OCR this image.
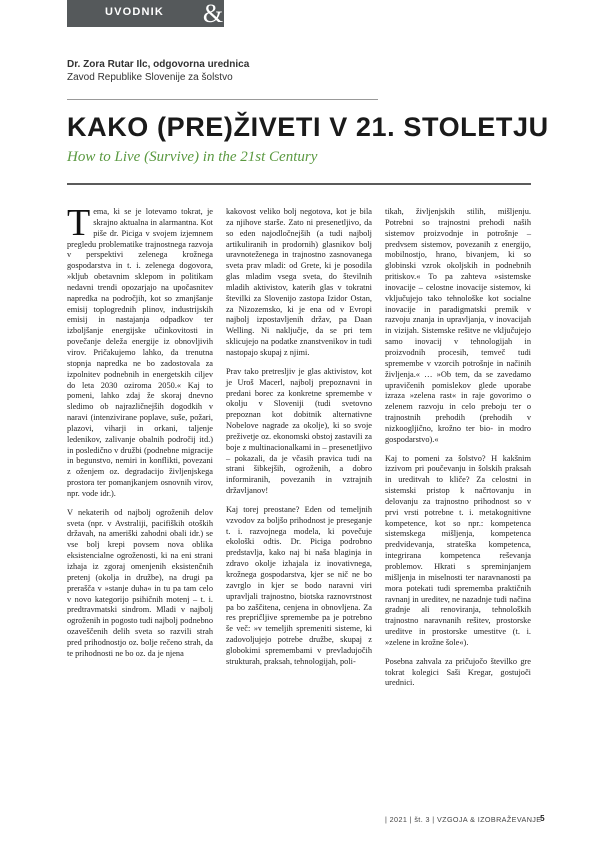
UVODNIK	&
Dr. Zora Rutar Ilc, odgovorna urednica
Zavod Republike Slovenije za šolstvo
KAKO (PRE)ŽIVETI V 21. STOLETJU
How to Live (Survive) in the 21st Century

Tema, ki se je lotevamo tokrat, je skrajno aktualna in alarmantna. Kot piše dr. Piciga v svojem izjemnem pregledu problematike trajnostnega razvoja v perspektivi zelenega krožnega gospodarstva in t. i. zelenega dogovora, »kljub obetavnim sklepom in politikam nedavni trendi opozarjajo na upočasnitev napredka na področjih, kot so zmanjšanje emisij toplogrednih plinov, industrijskih emisij in nastajanja odpadkov ter izboljšanje energijske učinkovitosti in povečanje deleža energije iz obnovljivih virov. Pričakujemo lahko, da trenutna stopnja napredka ne bo zadostovala za izpolnitev podnebnih in energetskih ciljev do leta 2030 oziroma 2050.« Kaj to pomeni, lahko zdaj že skoraj dnevno sledimo ob najrazličnejših dogodkih v naravi (intenzivirane poplave, suše, požari, plazovi, viharji in orkani, taljenje ledenikov, zalivanje obalnih področij itd.) in posledično v družbi (podnebne migracije in begunstvo, nemiri in konflikti, povezani z oženjem oz. degradacijo življenjskega prostora ter pomanjkanjem osnovnih virov, npr. vode idr.).

V nekaterih od najbolj ogroženih delov sveta (npr. v Avstraliji, pacifiških otoških državah, na ameriški zahodni obali idr.) se vse bolj krepi povsem nova oblika eksistencialne ogroženosti, ki na eni strani izhaja iz zgoraj omenjenih eksistenčnih pretenj (okolja in družbe), na drugi pa prerašča v »stanje duha« in tu pa tam celo v novo kategorijo psihičnih motenj – t. i. predtravmatski sindrom. Mladi v najbolj ogroženih in pogosto tudi najbolj podnebno ozaveščenih delih sveta so razvili strah pred prihodnostjo oz. bolje rečeno strah, da te prihodnosti ne bo oz. da je njena

kakovost veliko bolj negotova, kot je bila za njihove starše. Zato ni presenetljivo, da so eden najodločnejših (a tudi najbolj artikuliranih in prodornih) glasnikov bolj uravnoteženega in trajnostno zasnovanega sveta prav mladi: od Grete, ki je posodila glas mladim vsega sveta, do številnih mladih aktivistov, katerih glas v tokratni številki za Slovenijo zastopa Izidor Ostan, za Nizozemsko, ki je ena od v Evropi najbolj izpostavljenih držav, pa Daan Welling. Ni naključje, da se pri tem sklicujejo na podatke znanstvenikov in tudi nastopajo skupaj z njimi.

Prav tako pretresljiv je glas aktivistov, kot je Uroš Macerl, najbolj prepoznavni in predani borec za konkretne spremembe v okolju v Sloveniji (tudi svetovno prepoznan kot dobitnik alternativne Nobelove nagrade za okolje), ki so svoje preživetje oz. ekonomski obstoj zastavili za boje z multinacionalkami in – presenetljivo – pokazali, da je včasih pravica tudi na strani šibkejših, ogroženih, a dobro informiranih, povezanih in vztrajnih državljanov!

Kaj torej preostane? Eden od temeljnih vzvodov za boljšo prihodnost je preseganje t. i. razvojnega modela, ki povečuje ekološki odtis. Dr. Piciga podrobno predstavlja, kako naj bi naša blaginja in zdravo okolje izhajala iz inovativnega, krožnega gospodarstva, kjer se nič ne bo zavrglo in kjer se bodo naravni viri upravljali trajnostno, biotska raznovrstnost pa bo zaščitena, cenjena in obnovljena. Za res prepričljive spremembe pa je potrebno še več: »v temeljih spremeniti sisteme, ki zadovoljujejo potrebe družbe, skupaj z globokimi spremembami v prevladujočih strukturah, praksah, tehnologijah, poli-

tikah, življenjskih stilih, mišljenju. Potrebni so trajnostni prehodi naših sistemov proizvodnje in potrošnje – predvsem sistemov, povezanih z energijo, mobilnostjo, hrano, bivanjem, ki so globinski vzrok okoljskih in podnebnih pritiskov.« To pa zahteva »sistemske inovacije – celostne inovacije sistemov, ki vključujejo tako tehnološke kot socialne inovacije in paradigmatski premik v razvoju znanja in upravljanja, v inovacijah in vizijah. Sistemske rešitve ne vključujejo samo inovacij v tehnologijah in proizvodnih procesih, temveč tudi spremembe v vzorcih potrošnje in načinih življenja.« … »Ob tem, da se zavedamo upravičenih pomislekov glede uporabe izraza »zelena rast« in raje govorimo o zelenem razvoju in celo preboju ter o trajnostnih prehodih (prehodih v nizkoogljično, krožno ter bio- in modro gospodarstvo).«

Kaj to pomeni za šolstvo? H kakšnim izzivom pri poučevanju in šolskih praksah in ureditvah to kliče? Za celostni in sistemski pristop k načrtovanju in delovanju za trajnostno prihodnost so v prvi vrsti potrebne t. i. metakognitivne kompetence, kot so npr.: kompetenca sistemskega mišljenja, kompetenca predvidevanja, strateška kompetenca, integrirana kompetenca reševanja problemov. Hkrati s spreminjanjem mišljenja in miselnosti ter naravnanosti pa mora potekati tudi sprememba praktičnih ravnanj in ureditev, ne nazadnje tudi načina gradnje ali renoviranja, tehnoloških trajnostno naravnanih rešitev, prostorske ureditve in prostorske umestitve (t. i. »zelene in krožne šole«).

Posebna zahvala za pričujočo številko gre tokrat kolegici Saši Kregar, gostujoči urednici.

| 2021 | št. 3 | VZGOJA & IZOBRAŽEVANJE
5
